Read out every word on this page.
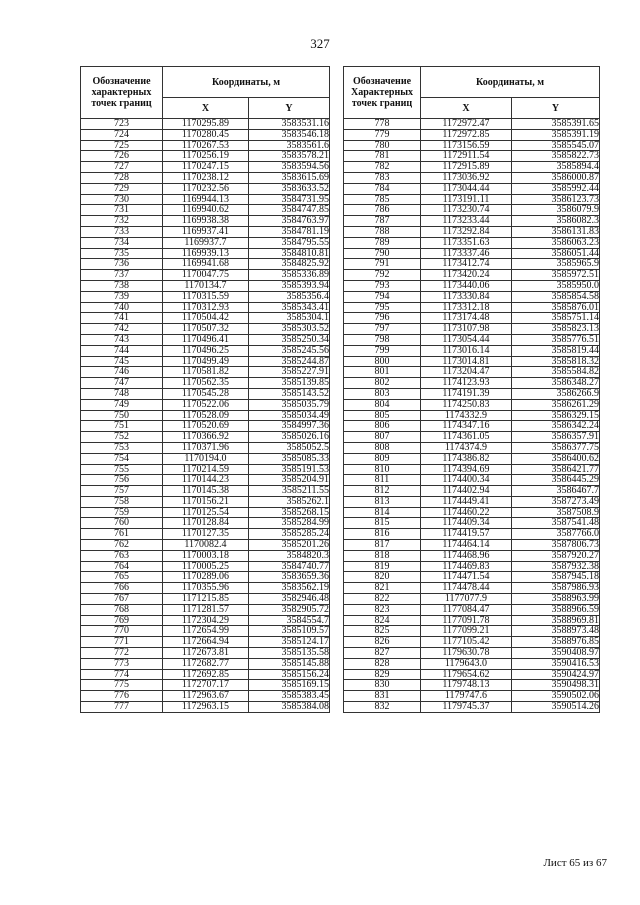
327
Обозначение характерных точек границ	Координаты, м	
	X	Y
723	1170295.89	3583531.16
724	1170280.45	3583546.18
725	1170267.53	3583561.6
726	1170256.19	3583578.21
727	1170247.15	3583594.56
728	1170238.12	3583615.69
729	1170232.56	3583633.52
730	1169944.13	3584731.95
731	1169940.62	3584747.85
732	1169938.38	3584763.97
733	1169937.41	3584781.19
734	1169937.7	3584795.55
735	1169939.13	3584810.81
736	1169941.68	3584825.92
737	1170047.75	3585336.89
738	1170134.7	3585393.94
739	1170315.59	3585356.4
740	1170312.93	3585343.41
741	1170504.42	3585304.1
742	1170507.32	3585303.52
743	1170496.41	3585250.34
744	1170496.25	3585245.56
745	1170499.49	3585244.87
746	1170581.82	3585227.91
747	1170562.35	3585139.85
748	1170545.28	3585143.52
749	1170522.06	3585035.79
750	1170528.09	3585034.49
751	1170520.69	3584997.36
752	1170366.92	3585026.16
753	1170371.96	3585052.5
754	1170194.0	3585085.33
755	1170214.59	3585191.53
756	1170144.23	3585204.91
757	1170145.38	3585211.55
758	1170156.21	3585262.1
759	1170125.54	3585268.15
760	1170128.84	3585284.99
761	1170127.35	3585285.24
762	1170082.4	3585201.26
763	1170003.18	3584820.3
764	1170005.25	3584740.77
765	1170289.06	3583659.36
766	1170355.96	3583562.19
767	1171215.85	3582946.48
768	1171281.57	3582905.72
769	1172304.29	3584554.7
770	1172654.99	3585109.57
771	1172664.94	3585124.17
772	1172673.81	3585135.58
773	1172682.77	3585145.88
774	1172692.85	3585156.24
775	1172707.17	3585169.15
776	1172963.67	3585383.45
777	1172963.15	3585384.08
Обозначение Характерных точек границ	Координаты, м	
	X	Y
778	1172972.47	3585391.65
779	1172972.85	3585391.19
780	1173156.59	3585545.07
781	1172911.54	3585822.73
782	1172915.89	3585894.4
783	1173036.92	3586000.87
784	1173044.44	3585992.44
785	1173191.11	3586123.73
786	1173230.74	3586079.9
787	1173233.44	3586082.3
788	1173292.84	3586131.83
789	1173351.63	3586063.23
790	1173337.46	3586051.44
791	1173412.74	3585965.9
792	1173420.24	3585972.51
793	1173440.06	3585950.0
794	1173330.84	3585854.58
795	1173312.18	3585876.01
796	1173174.48	3585751.14
797	1173107.98	3585823.13
798	1173054.44	3585776.51
799	1173016.14	3585819.44
800	1173014.81	3585818.32
801	1173204.47	3585584.82
802	1174123.93	3586348.27
803	1174191.39	3586266.9
804	1174250.83	3586261.29
805	1174332.9	3586329.15
806	1174347.16	3586342.24
807	1174361.05	3586357.91
808	1174374.9	3586377.75
809	1174386.82	3586400.62
810	1174394.69	3586421.77
811	1174400.34	3586445.29
812	1174402.94	3586467.7
813	1174449.41	3587273.49
814	1174460.22	3587508.9
815	1174409.34	3587541.48
816	1174419.57	3587766.0
817	1174464.14	3587806.73
818	1174468.96	3587920.27
819	1174469.83	3587932.38
820	1174471.54	3587945.18
821	1174478.44	3587986.93
822	1177077.9	3588963.99
823	1177084.47	3588966.59
824	1177091.78	3588969.81
825	1177099.21	3588973.48
826	1177105.42	3588976.85
827	1179630.78	3590408.97
828	1179643.0	3590416.53
829	1179654.62	3590424.97
830	1179748.13	3590498.31
831	1179747.6	3590502.06
832	1179745.37	3590514.26
Лист 65 из 67
